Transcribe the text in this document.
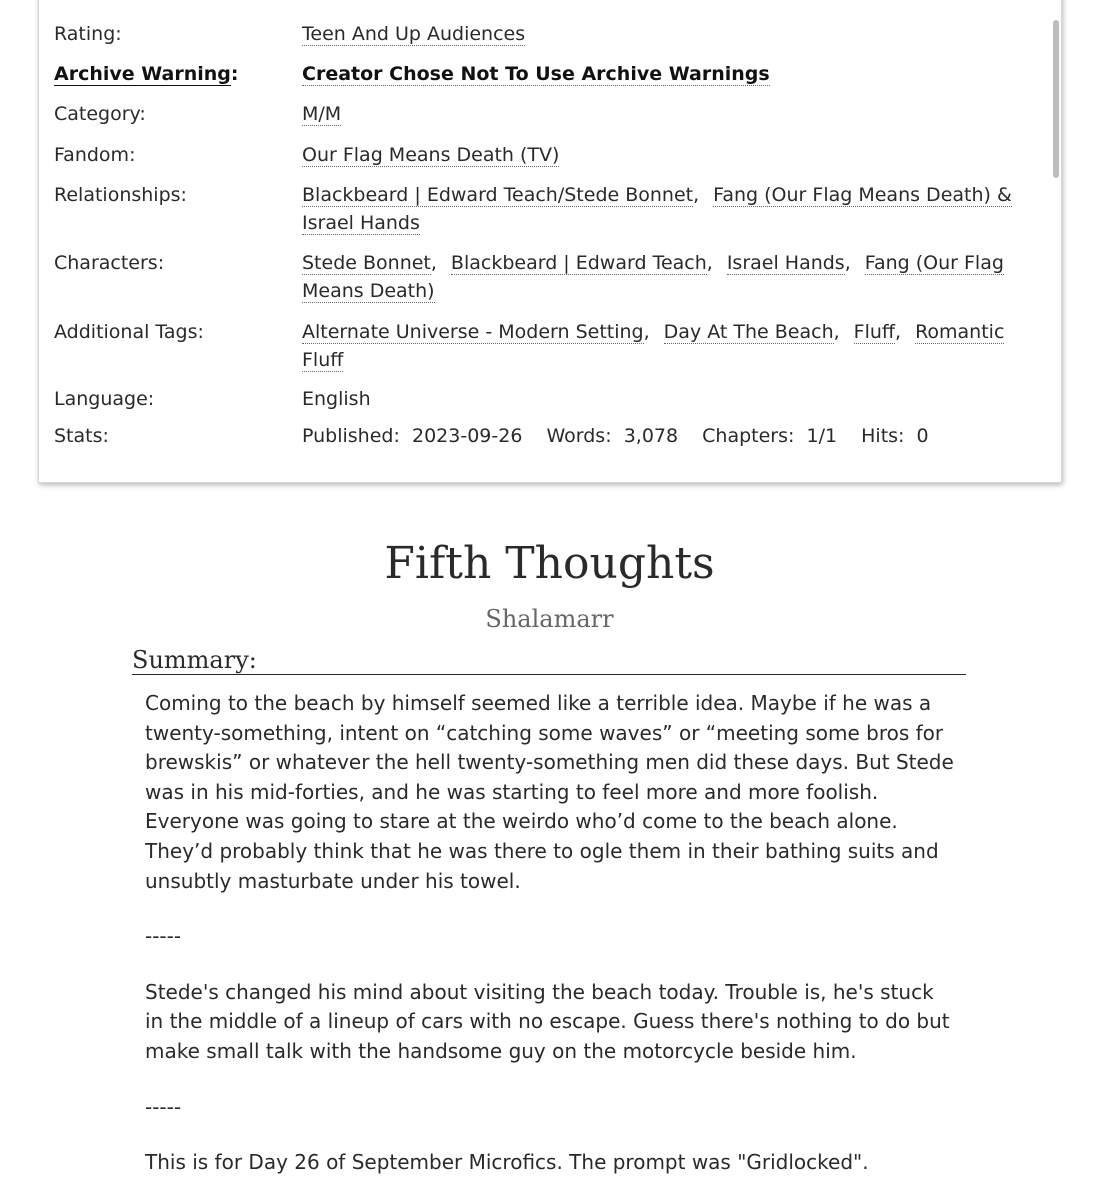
Rating:	Teen And Up Audiences
Archive Warning:	Creator Chose Not To Use Archive Warnings
Category:	M/M
Fandom:	Our Flag Means Death (TV)
Relationships:	Blackbeard | Edward Teach/Stede Bonnet, Fang (Our Flag Means Death) & Israel Hands
Characters:	Stede Bonnet, Blackbeard | Edward Teach, Israel Hands, Fang (Our Flag Means Death)
Additional Tags:	Alternate Universe - Modern Setting, Day At The Beach, Fluff, Romantic Fluff
Language:	English
Stats:	Published: 2023-09-26 Words: 3,078 Chapters: 1/1 Hits: 0
Fifth Thoughts
Shalamarr
Summary:

Coming to the beach by himself seemed like a terrible idea. Maybe if he was a twenty-something, intent on “catching some waves” or “meeting some bros for brewskis” or whatever the hell twenty-something men did these days. But Stede was in his mid-forties, and he was starting to feel more and more foolish. Everyone was going to stare at the weirdo who’d come to the beach alone. They’d probably think that he was there to ogle them in their bathing suits and unsubtly masturbate under his towel.

-----

Stede's changed his mind about visiting the beach today. Trouble is, he's stuck in the middle of a lineup of cars with no escape. Guess there's nothing to do but make small talk with the handsome guy on the motorcycle beside him.

-----

This is for Day 26 of September Microfics. The prompt was "Gridlocked".
